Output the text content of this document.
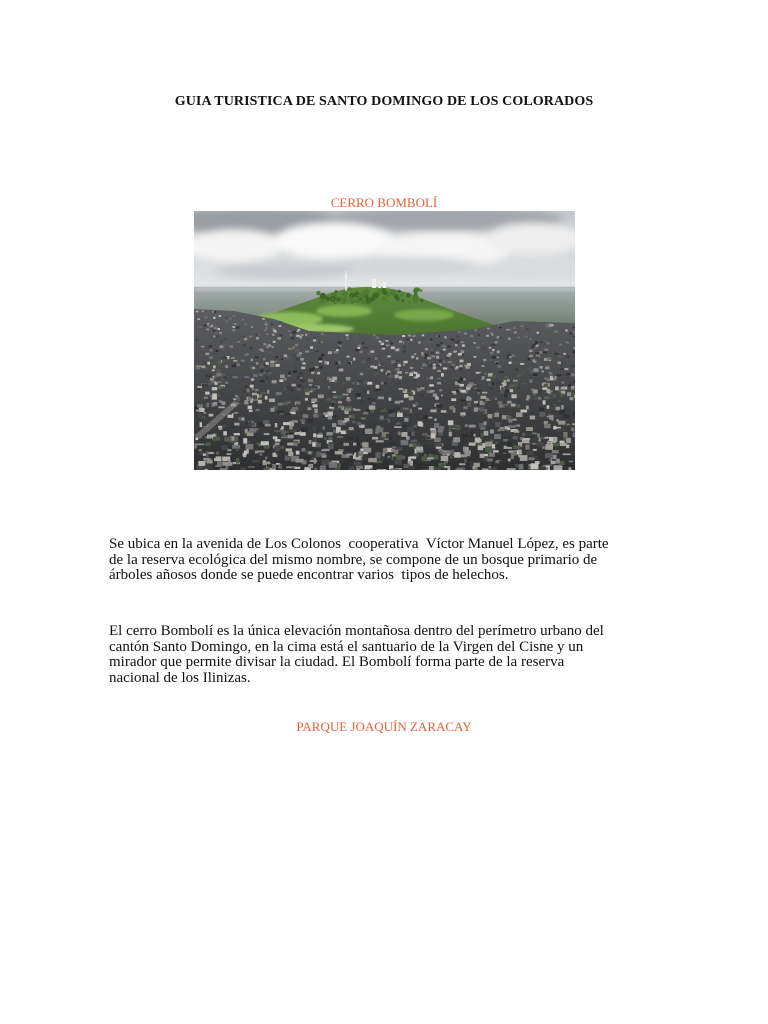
GUIA TURISTICA DE SANTO DOMINGO DE LOS COLORADOS
CERRO BOMBOLÍ
Se ubica en la avenida de Los Colonos  cooperativa  Víctor Manuel López, es parte
de la reserva ecológica del mismo nombre, se compone de un bosque primario de
árboles añosos donde se puede encontrar varios  tipos de helechos.
El cerro Bombolí es la única elevación montañosa dentro del perímetro urbano del
cantón Santo Domingo, en la cima está el santuario de la Virgen del Cisne y un
mirador que permite divisar la ciudad. El Bombolí forma parte de la reserva
nacional de los Ilinizas.
PARQUE JOAQUÍN ZARACAY
